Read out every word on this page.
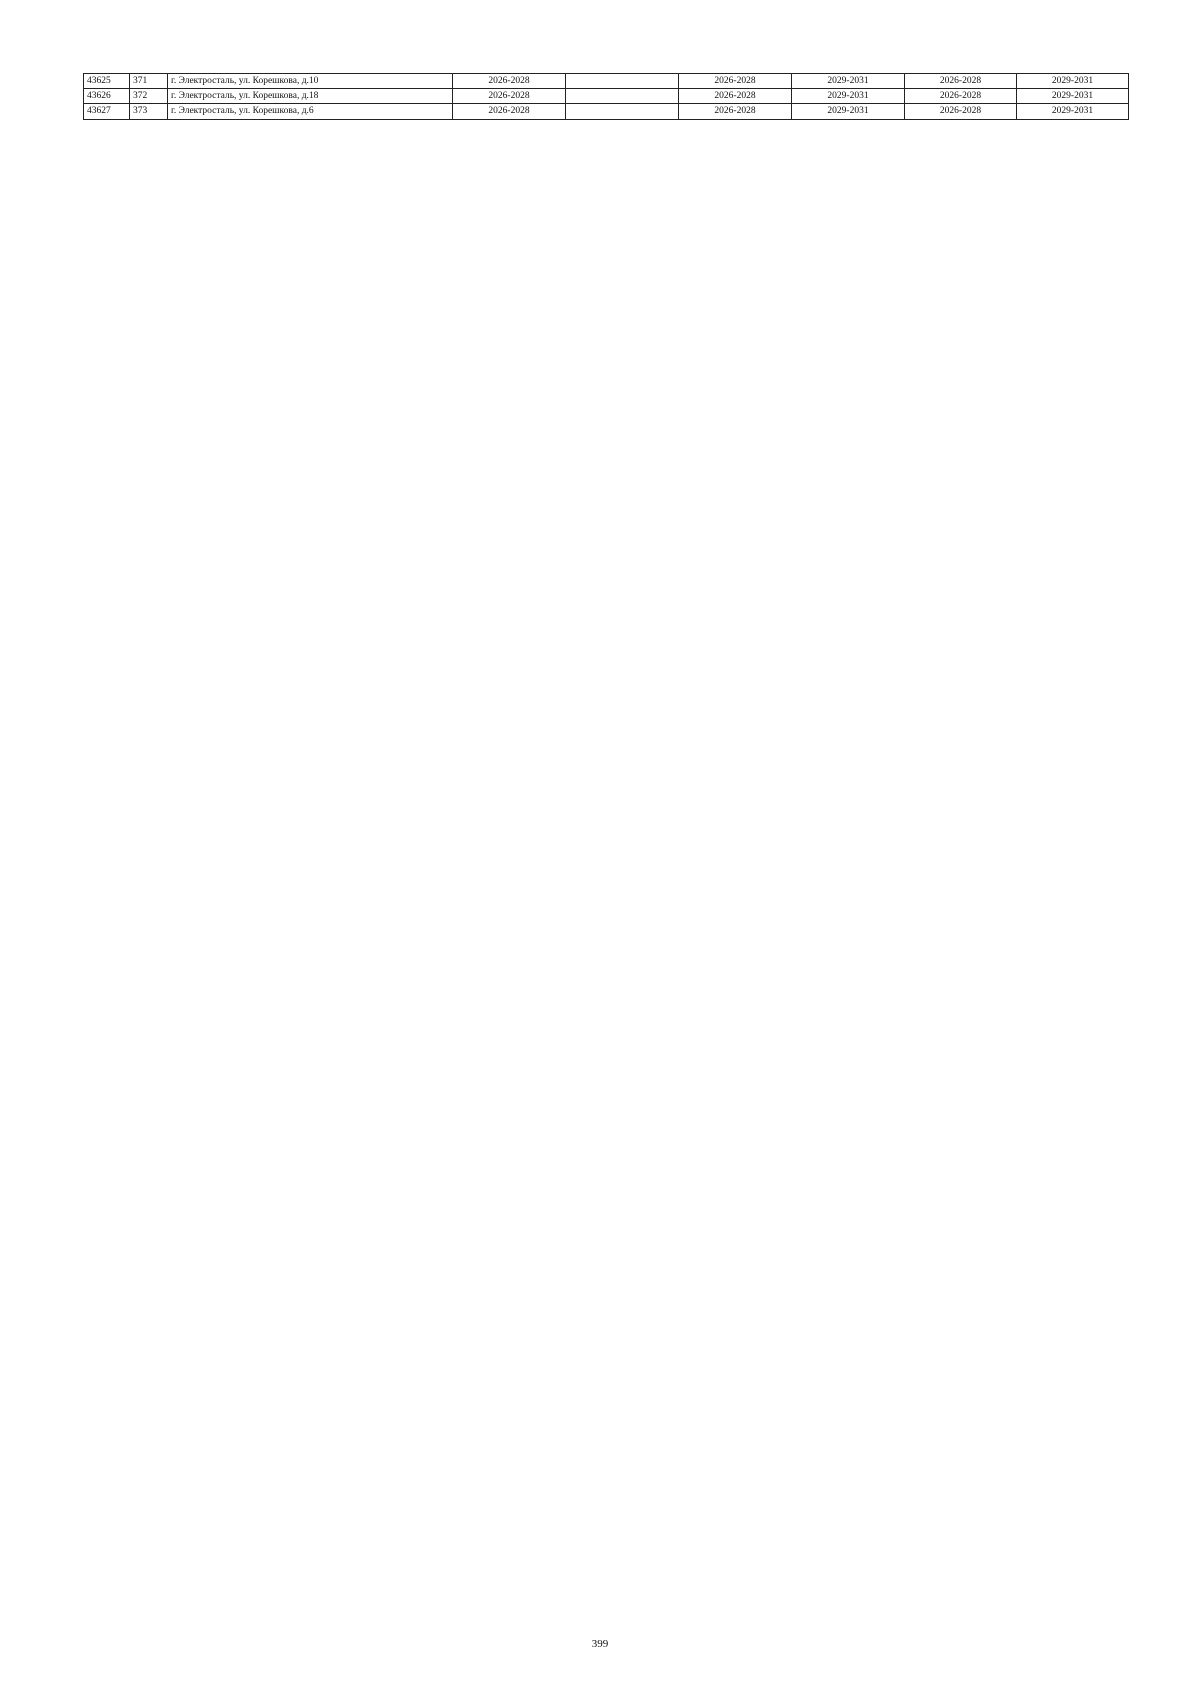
43625	371	г. Электросталь, ул. Корешкова, д.10	2026-2028		2026-2028	2029-2031	2026-2028	2029-2031
43626	372	г. Электросталь, ул. Корешкова, д.18	2026-2028		2026-2028	2029-2031	2026-2028	2029-2031
43627	373	г. Электросталь, ул. Корешкова, д.6	2026-2028		2026-2028	2029-2031	2026-2028	2029-2031
399
